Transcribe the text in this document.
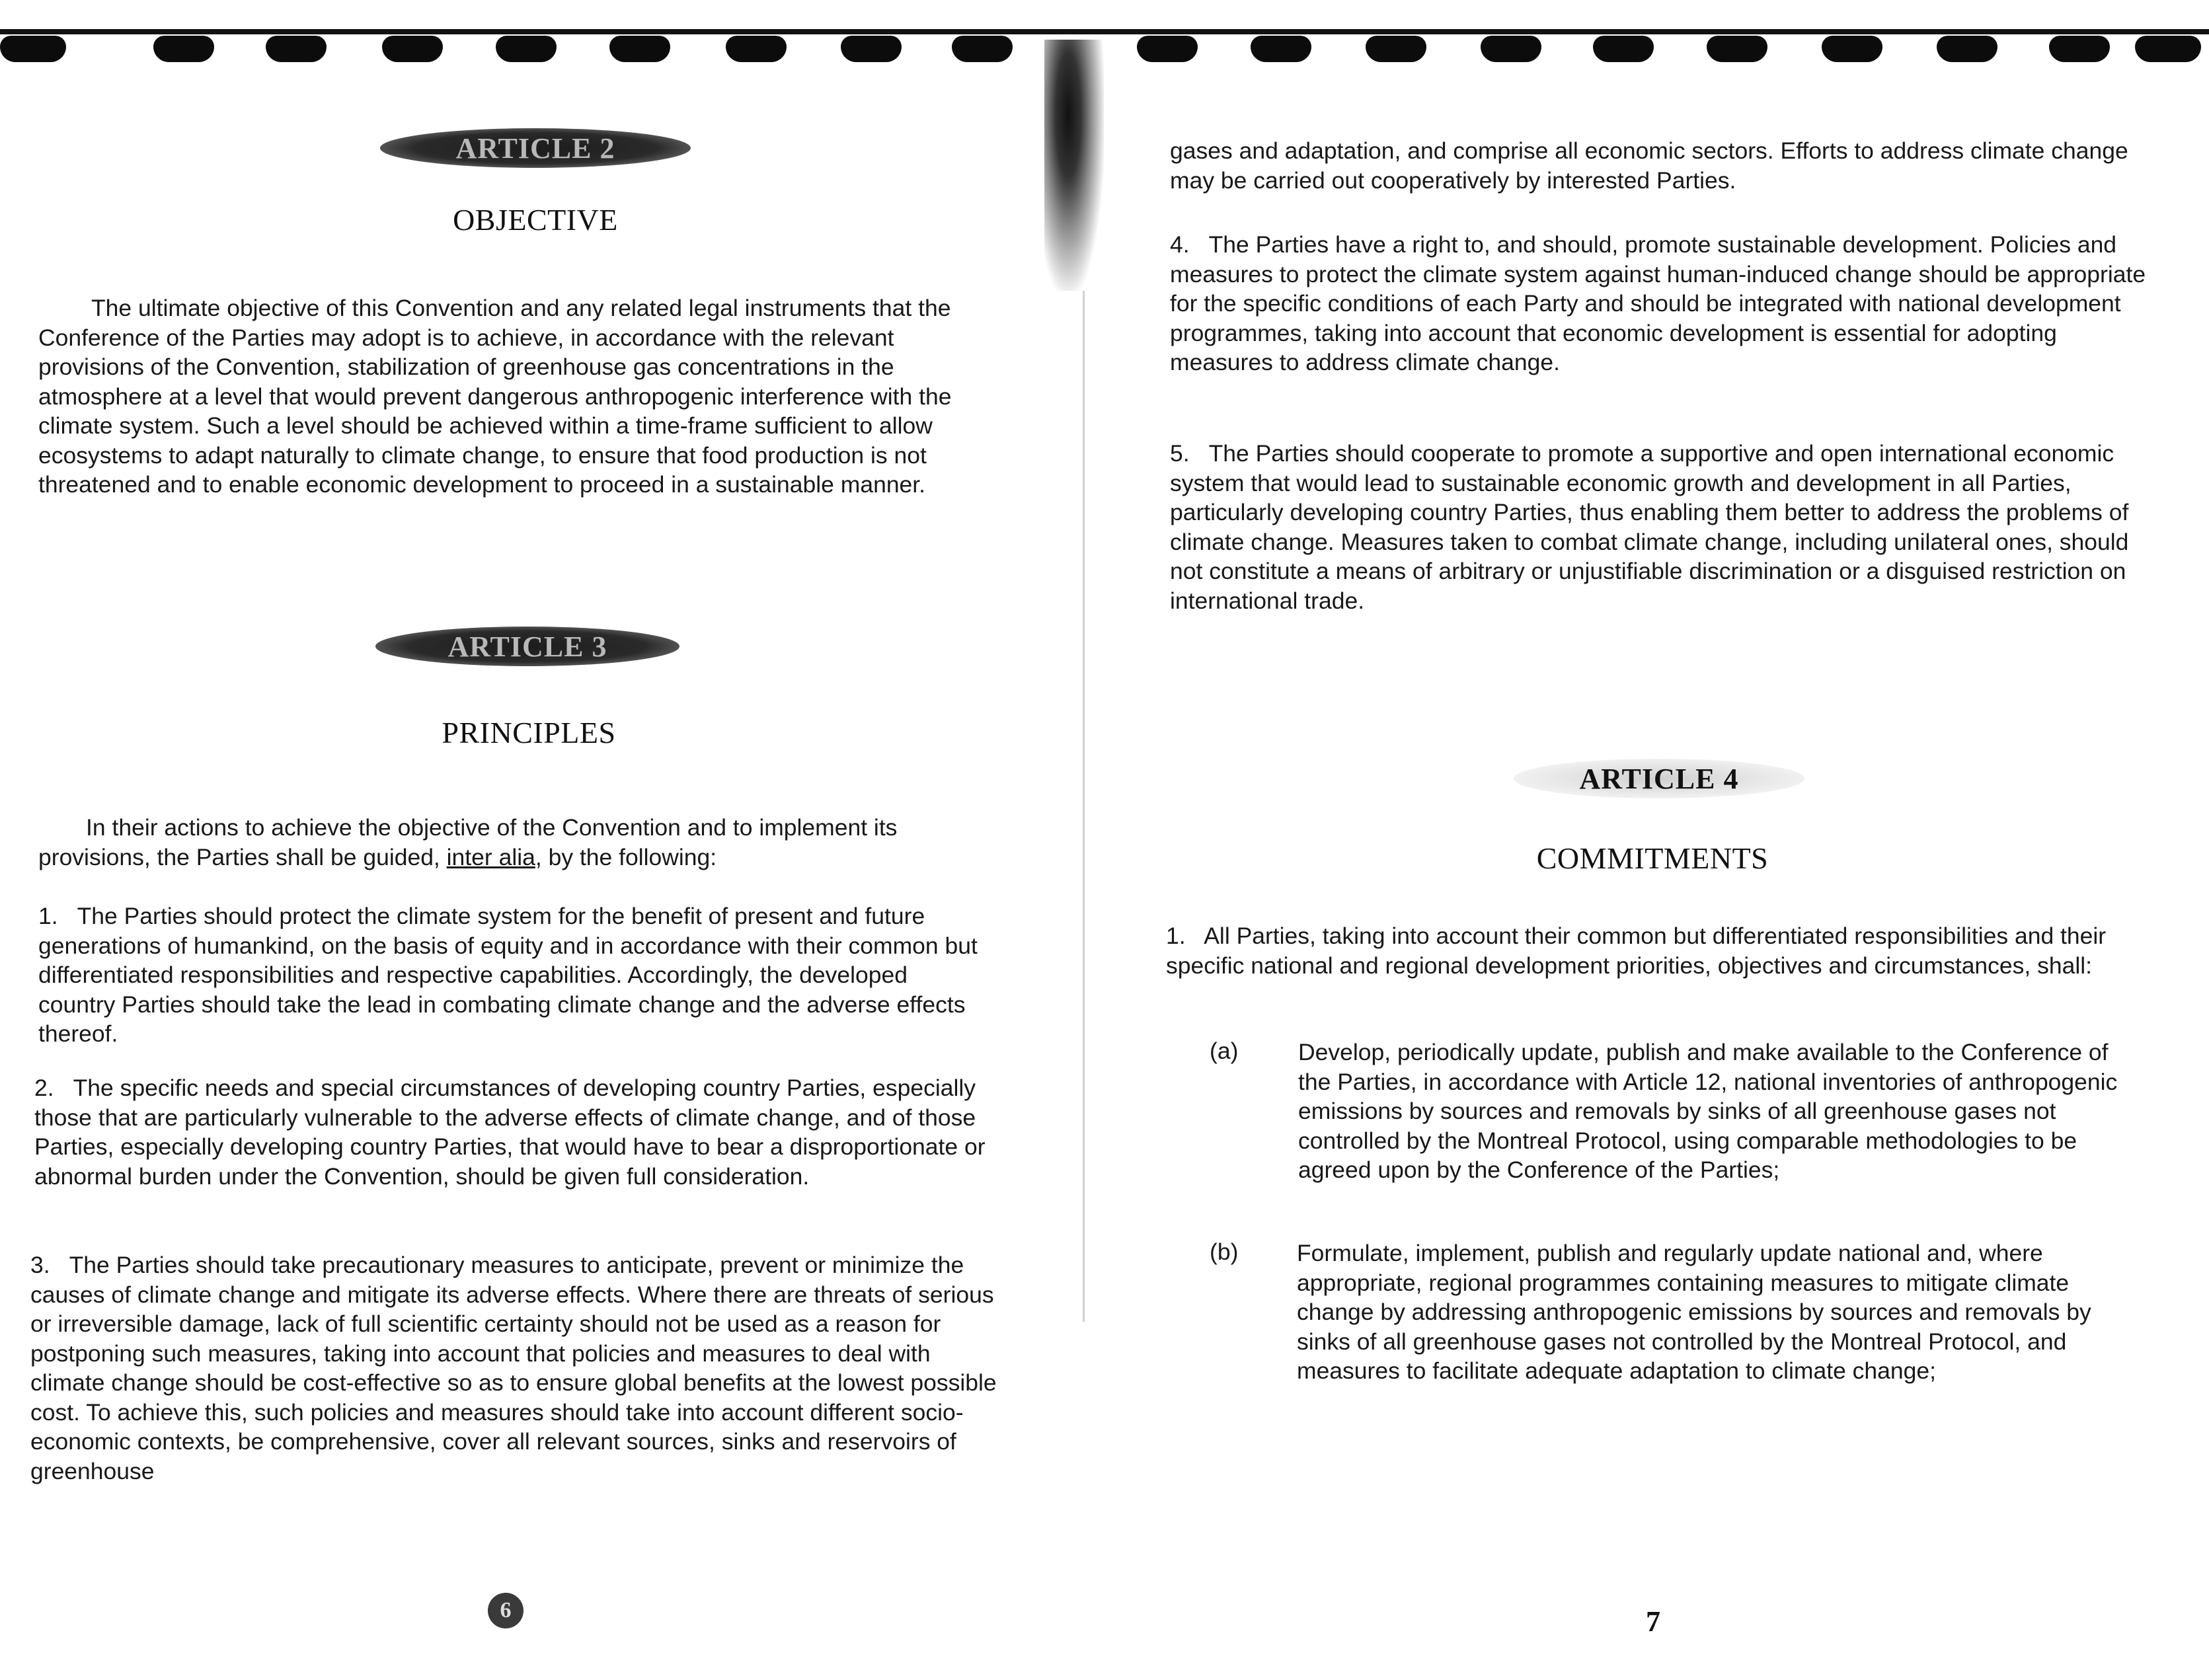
ARTICLE 2
OBJECTIVE

The ultimate objective of this Convention and any related legal instruments that the Conference of the Parties may adopt is to achieve, in accordance with the relevant provisions of the Convention, stabilization of greenhouse gas concentrations in the atmosphere at a level that would prevent dangerous anthropogenic interference with the climate system. Such a level should be achieved within a time-frame sufficient to allow ecosystems to adapt naturally to climate change, to ensure that food production is not threatened and to enable economic development to proceed in a sustainable manner.

ARTICLE 3
PRINCIPLES

In their actions to achieve the objective of the Convention and to implement its provisions, the Parties shall be guided, inter alia, by the following:

1. The Parties should protect the climate system for the benefit of present and future generations of humankind, on the basis of equity and in accordance with their common but differentiated responsibilities and respective capabilities. Accordingly, the developed country Parties should take the lead in combating climate change and the adverse effects thereof.

2. The specific needs and special circumstances of developing country Parties, especially those that are particularly vulnerable to the adverse effects of climate change, and of those Parties, especially developing country Parties, that would have to bear a disproportionate or abnormal burden under the Convention, should be given full consideration.

3. The Parties should take precautionary measures to anticipate, prevent or minimize the causes of climate change and mitigate its adverse effects. Where there are threats of serious or irreversible damage, lack of full scientific certainty should not be used as a reason for postponing such measures, taking into account that policies and measures to deal with climate change should be cost-effective so as to ensure global benefits at the lowest possible cost. To achieve this, such policies and measures should take into account different socio-economic contexts, be comprehensive, cover all relevant sources, sinks and reservoirs of greenhouse

6

gases and adaptation, and comprise all economic sectors. Efforts to address climate change may be carried out cooperatively by interested Parties.

4. The Parties have a right to, and should, promote sustainable development. Policies and measures to protect the climate system against human-induced change should be appropriate for the specific conditions of each Party and should be integrated with national development programmes, taking into account that economic development is essential for adopting measures to address climate change.

5. The Parties should cooperate to promote a supportive and open international economic system that would lead to sustainable economic growth and development in all Parties, particularly developing country Parties, thus enabling them better to address the problems of climate change. Measures taken to combat climate change, including unilateral ones, should not constitute a means of arbitrary or unjustifiable discrimination or a disguised restriction on international trade.

ARTICLE 4
COMMITMENTS

1. All Parties, taking into account their common but differentiated responsibilities and their specific national and regional development priorities, objectives and circumstances, shall:

(a)	Develop, periodically update, publish and make available to the Conference of the Parties, in accordance with Article 12, national inventories of anthropogenic emissions by sources and removals by sinks of all greenhouse gases not controlled by the Montreal Protocol, using comparable methodologies to be agreed upon by the Conference of the Parties;

(b) Formulate, implement, publish and regularly update national and, where appropriate, regional programmes containing measures to mitigate climate change by addressing anthropogenic emissions by sources and removals by sinks of all greenhouse gases not controlled by the Montreal Protocol, and measures to facilitate adequate adaptation to climate change;

7
